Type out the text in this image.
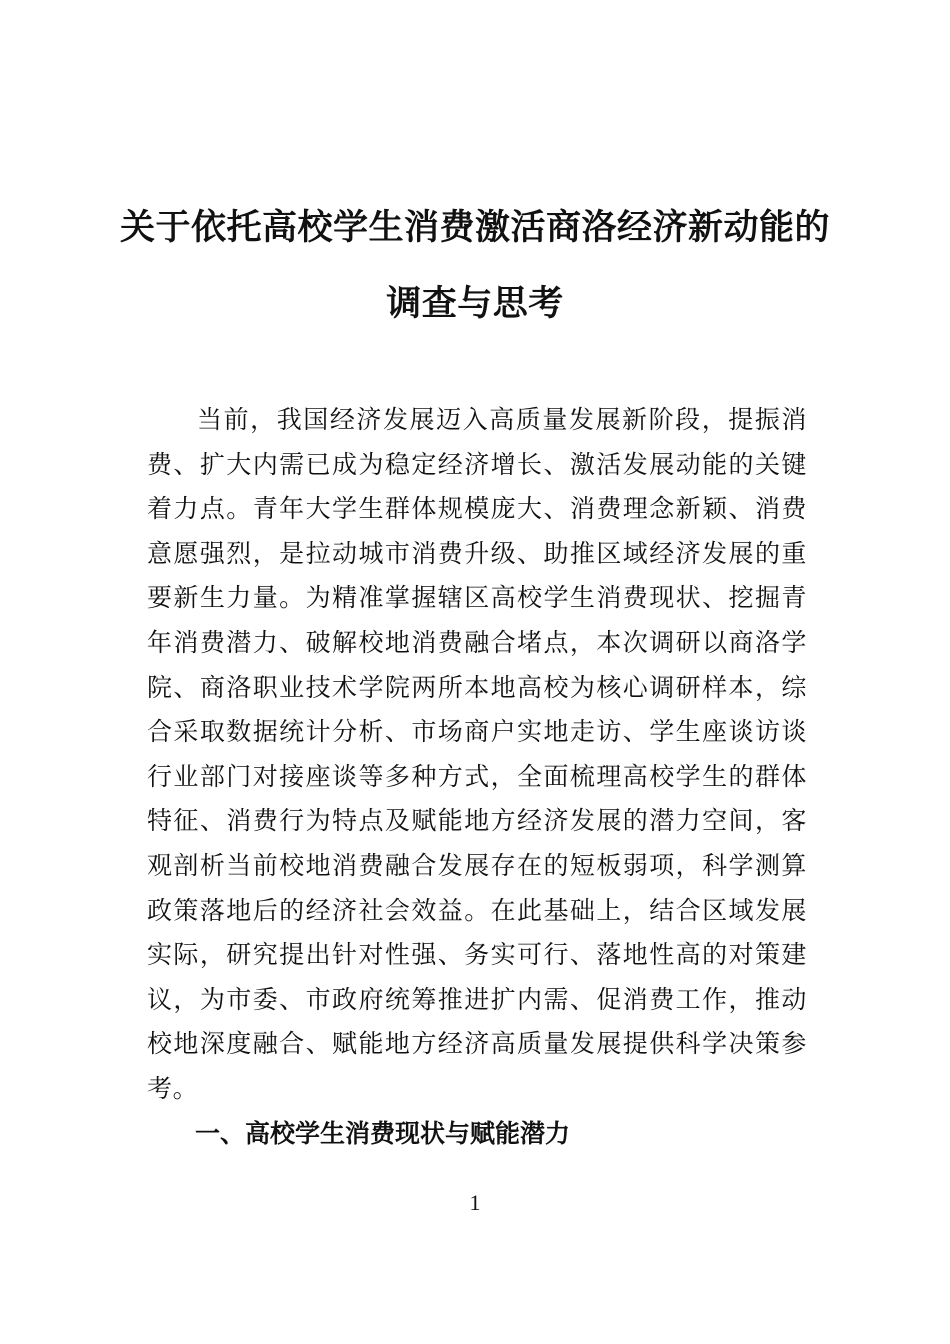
关于依托高校学生消费激活商洛经济新动能的调查与思考

当前，我国经济发展迈入高质量发展新阶段，提振消费、扩大内需已成为稳定经济增长、激活发展动能的关键着力点。青年大学生群体规模庞大、消费理念新颖、消费意愿强烈，是拉动城市消费升级、助推区域经济发展的重要新生力量。为精准掌握辖区高校学生消费现状、挖掘青年消费潜力、破解校地消费融合堵点，本次调研以商洛学院、商洛职业技术学院两所本地高校为核心调研样本，综合采取数据统计分析、市场商户实地走访、学生座谈访谈行业部门对接座谈等多种方式，全面梳理高校学生的群体特征、消费行为特点及赋能地方经济发展的潜力空间，客观剖析当前校地消费融合发展存在的短板弱项，科学测算政策落地后的经济社会效益。在此基础上，结合区域发展实际，研究提出针对性强、务实可行、落地性高的对策建议，为市委、市政府统筹推进扩内需、促消费工作，推动校地深度融合、赋能地方经济高质量发展提供科学决策参考。

一、高校学生消费现状与赋能潜力
1
